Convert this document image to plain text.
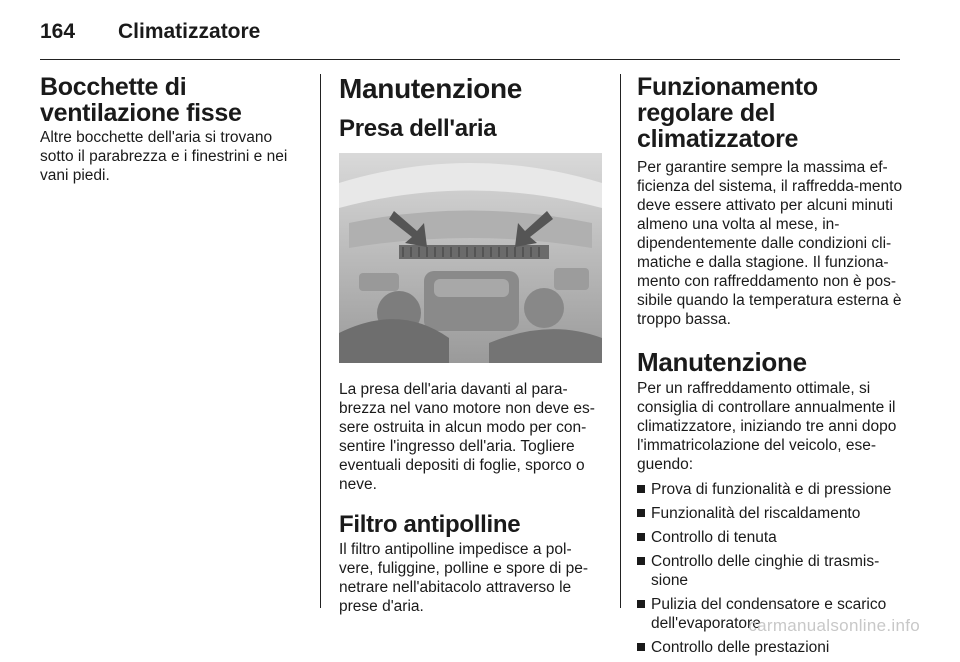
164	Climatizzatore
Bocchette di ventilazione fisse

Altre bocchette dell'aria si trovano sotto il parabrezza e i finestrini e nei vani piedi.

Manutenzione
Presa dell'aria

La presa dell'aria davanti al para-brezza nel vano motore non deve es-sere ostruita in alcun modo per con-sentire l'ingresso dell'aria. Togliere eventuali depositi di foglie, sporco o neve.

Filtro antipolline

Il filtro antipolline impedisce a pol-vere, fuliggine, polline e spore di pe-netrare nell'abitacolo attraverso le prese d'aria.

Funzionamento regolare del climatizzatore

Per garantire sempre la massima ef-ficienza del sistema, il raffredda-mento deve essere attivato per alcuni minuti almeno una volta al mese, in-dipendentemente dalle condizioni cli-matiche e dalla stagione. Il funziona-mento con raffreddamento non è pos-sibile quando la temperatura esterna è troppo bassa.

Manutenzione

Per un raffreddamento ottimale, si consiglia di controllare annualmente il climatizzatore, iniziando tre anni dopo l'immatricolazione del veicolo, ese-guendo:

Prova di funzionalità e di pressione
Funzionalità del riscaldamento
Controllo di tenuta
Controllo delle cinghie di trasmis-sione
Pulizia del condensatore e scarico dell'evaporatore
Controllo delle prestazioni
carmanualsonline.info
